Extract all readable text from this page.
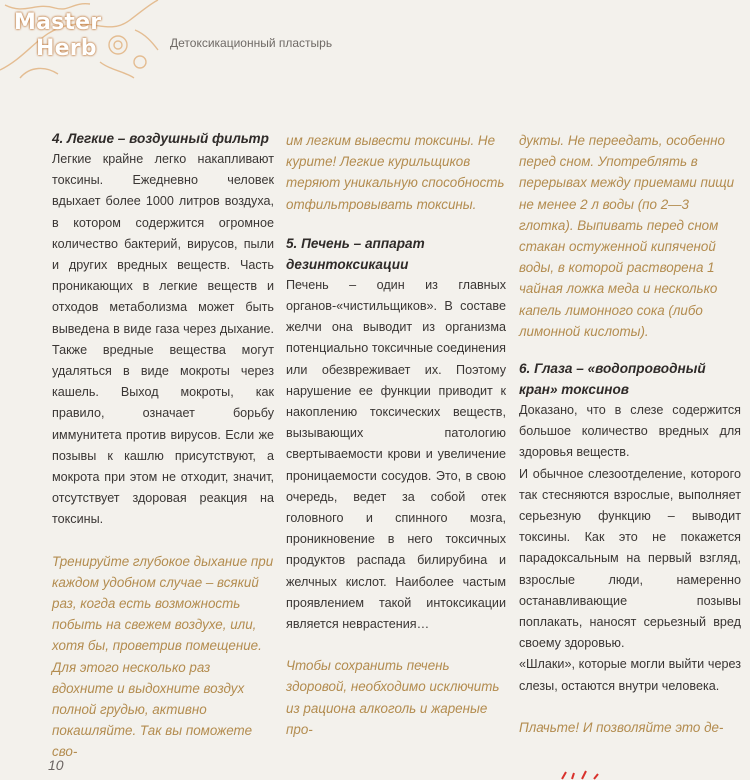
Master
Herb	Детоксикационный пластырь

4. Легкие – воздушный фильтр

Легкие крайне легко накапливают токсины. Ежедневно человек вдыхает более 1000 литров воздуха, в котором содержится огромное количество бактерий, вирусов, пыли и других вредных веществ. Часть проникающих в легкие веществ и отходов метаболизма может быть выведена в виде газа через дыхание. Также вредные вещества могут удаляться в виде мокроты через кашель. Выход мокроты, как правило, означает борьбу иммунитета против вирусов. Если же позывы к кашлю присутствуют, а мокрота при этом не отходит, значит, отсутствует здоровая реакция на токсины.

Тренируйте глубокое дыхание при каждом удобном случае – всякий раз, когда есть возможность побыть на свежем воздухе, или, хотя бы, проветрив помещение. Для этого несколько раз вдохните и выдохните воздух полной грудью, активно покашляйте. Так вы поможете сво-

им легким вывести токсины. Не курите! Легкие курильщиков теряют уникальную способность отфильтровывать токсины.

5. Печень – аппарат дезинтоксикации

Печень – один из главных органов-«чистильщиков». В составе желчи она выводит из организма потенциально токсичные соединения или обезвреживает их. Поэтому нарушение ее функции приводит к накоплению токсических веществ, вызывающих патологию свертываемости крови и увеличение проницаемости сосудов. Это, в свою очередь, ведет за собой отек головного и спинного мозга, проникновение в него токсичных продуктов распада билирубина и желчных кислот. Наиболее частым проявлением такой интоксикации является неврастения…

Чтобы сохранить печень здоровой, необходимо исключить из рациона алкоголь и жареные про-

дукты. Не переедать, особенно перед сном. Употреблять в перерывах между приемами пищи не менее 2 л воды (по 2—3 глотка). Выпивать перед сном стакан остуженной кипяченой воды, в которой растворена 1 чайная ложка меда и несколько капель лимонного сока (либо лимонной кислоты).

6. Глаза – «водопроводный кран» токсинов

Доказано, что в слезе содержится большое количество вредных для здоровья веществ.

И обычное слезоотделение, которого так стесняются взрослые, выполняет серьезную функцию – выводит токсины. Как это не покажется парадоксальным на первый взгляд, взрослые люди, намеренно останавливающие позывы поплакать, наносят серьезный вред своему здоровью.

«Шлаки», которые могли выйти через слезы, остаются внутри человека.

Плачьте! И позволяйте это де-

10
